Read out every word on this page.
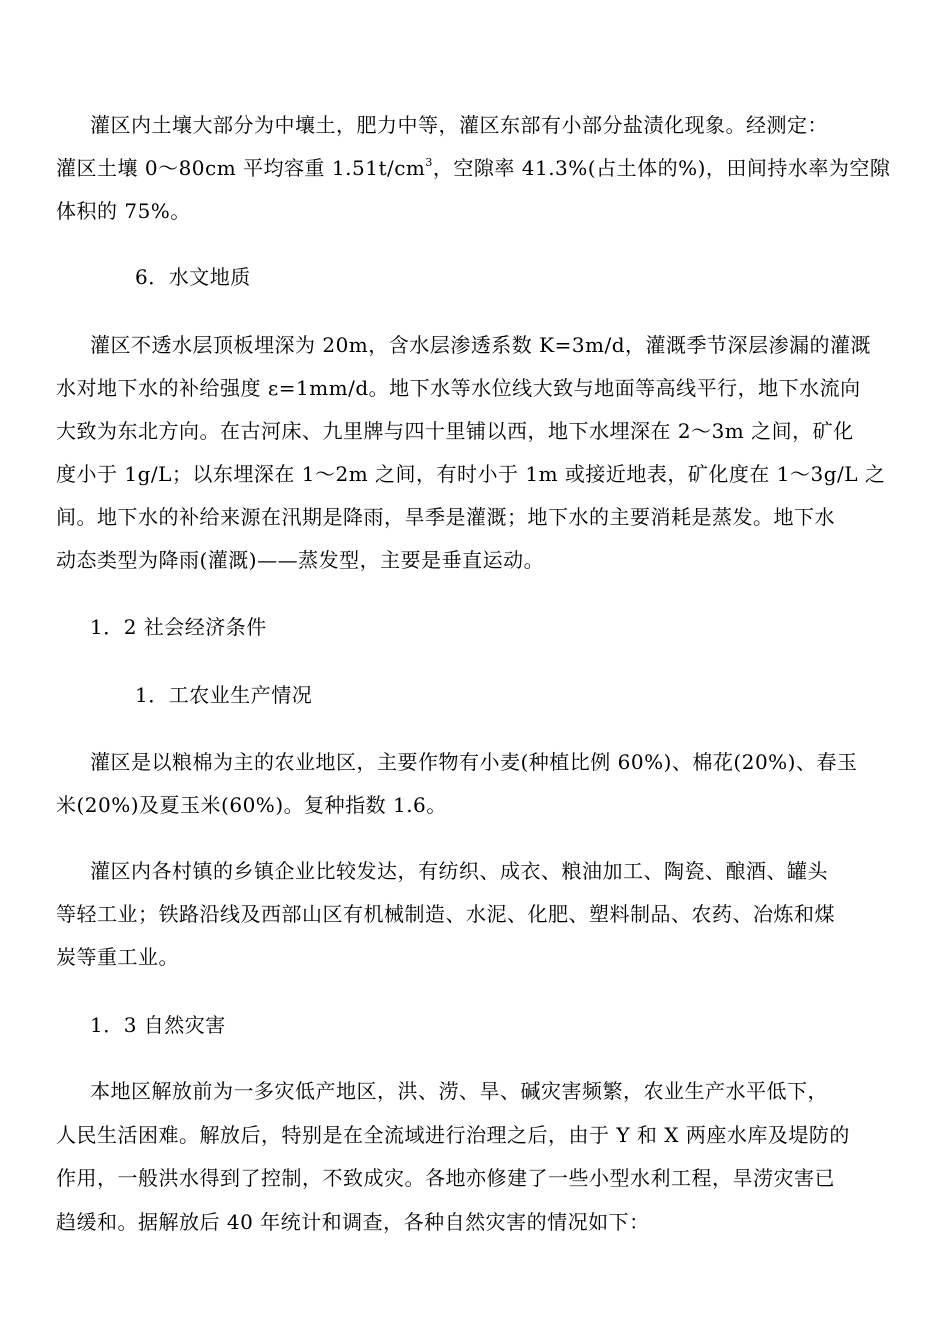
灌区内土壤大部分为中壤土，肥力中等，灌区东部有小部分盐渍化现象。经测定：
灌区土壤 0～80cm 平均容重 $1.51t/cm^3$，空隙率 41.3%(占土体的%)，田间持水率为空隙
体积的 75%。
6．水文地质
灌区不透水层顶板埋深为 20m，含水层渗透系数 K=3m/d，灌溉季节深层渗漏的灌溉
水对地下水的补给强度 ε=1mm/d。地下水等水位线大致与地面等高线平行，地下水流向
大致为东北方向。在古河床、九里牌与四十里铺以西，地下水埋深在 2～3m 之间，矿化
度小于 1g/L；以东埋深在 1～2m 之间，有时小于 1m 或接近地表，矿化度在 1～3g/L 之
间。地下水的补给来源在汛期是降雨，旱季是灌溉；地下水的主要消耗是蒸发。地下水
动态类型为降雨(灌溉)——蒸发型，主要是垂直运动。
1．2 社会经济条件
1．工农业生产情况
灌区是以粮棉为主的农业地区，主要作物有小麦(种植比例 60%)、棉花(20%)、春玉
米(20%)及夏玉米(60%)。复种指数 1.6。
灌区内各村镇的乡镇企业比较发达，有纺织、成衣、粮油加工、陶瓷、酿酒、罐头
等轻工业；铁路沿线及西部山区有机械制造、水泥、化肥、塑料制品、农药、冶炼和煤
炭等重工业。
1．3 自然灾害
本地区解放前为一多灾低产地区，洪、涝、旱、碱灾害频繁，农业生产水平低下，
人民生活困难。解放后，特别是在全流域进行治理之后，由于 Y 和 X 两座水库及堤防的
作用，一般洪水得到了控制，不致成灾。各地亦修建了一些小型水利工程，旱涝灾害已
趋缓和。据解放后 40 年统计和调查，各种自然灾害的情况如下：
